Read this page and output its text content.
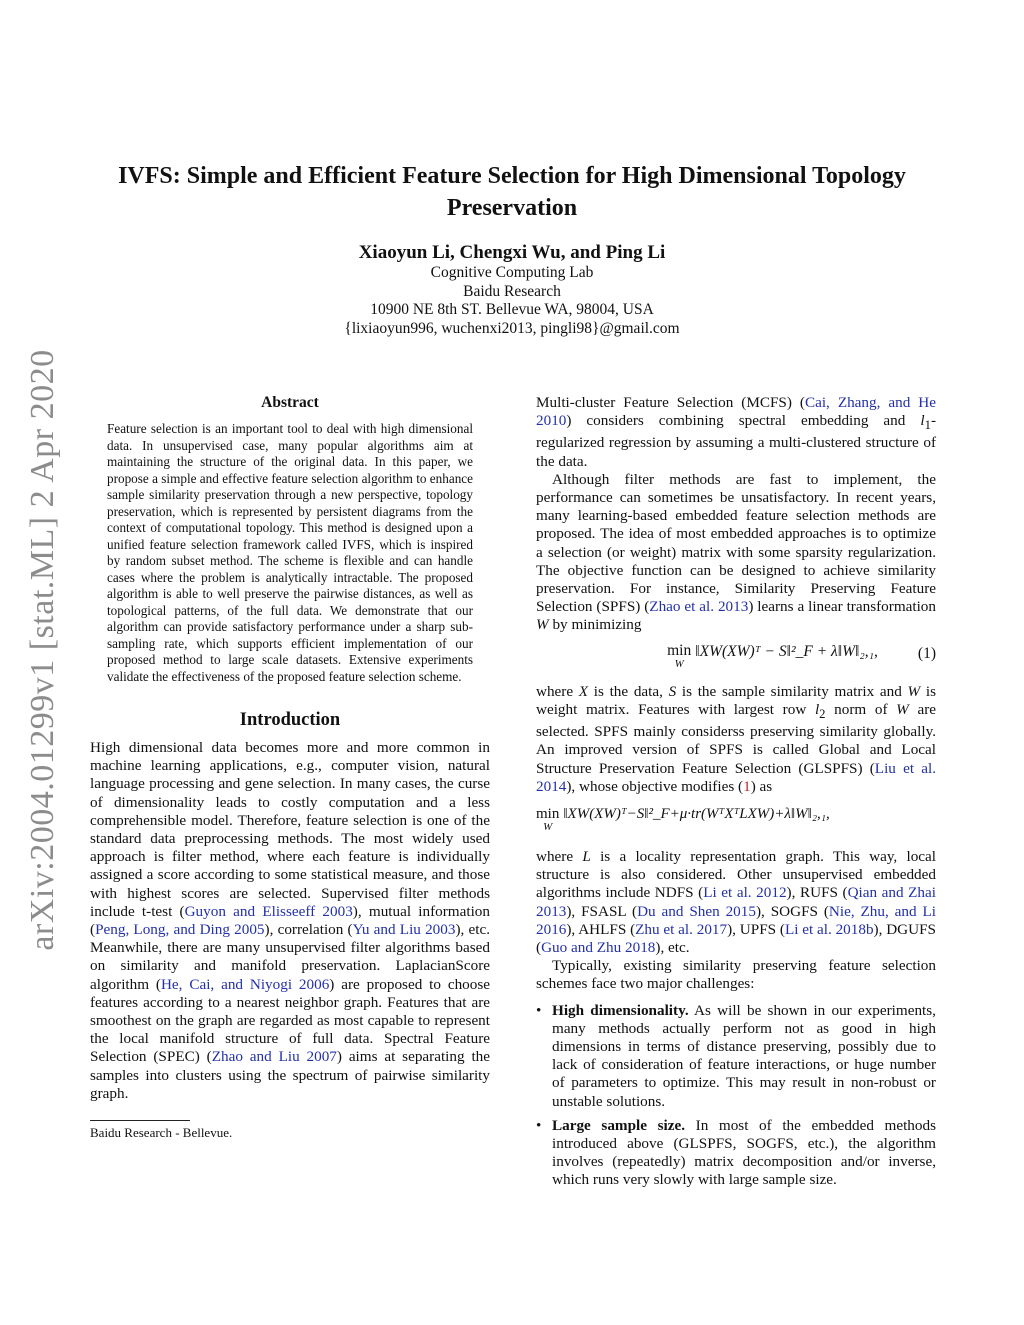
arXiv:2004.01299v1 [stat.ML] 2 Apr 2020
IVFS: Simple and Efficient Feature Selection for High Dimensional Topology
Preservation
Xiaoyun Li, Chengxi Wu, and Ping Li
Cognitive Computing Lab
Baidu Research
10900 NE 8th ST. Bellevue WA, 98004, USA
{lixiaoyun996, wuchenxi2013, pingli98}@gmail.com
Abstract
Feature selection is an important tool to deal with high dimensional data. In unsupervised case, many popular algorithms aim at maintaining the structure of the original data. In this paper, we propose a simple and effective feature selection algorithm to enhance sample similarity preservation through a new perspective, topology preservation, which is represented by persistent diagrams from the context of computational topology. This method is designed upon a unified feature selection framework called IVFS, which is inspired by random subset method. The scheme is flexible and can handle cases where the problem is analytically intractable. The proposed algorithm is able to well preserve the pairwise distances, as well as topological patterns, of the full data. We demonstrate that our algorithm can provide satisfactory performance under a sharp sub-sampling rate, which supports efficient implementation of our proposed method to large scale datasets. Extensive experiments validate the effectiveness of the proposed feature selection scheme.
Introduction

High dimensional data becomes more and more common in machine learning applications, e.g., computer vision, natural language processing and gene selection. In many cases, the curse of dimensionality leads to costly computation and a less comprehensible model. Therefore, feature selection is one of the standard data preprocessing methods. The most widely used approach is filter method, where each feature is individually assigned a score according to some statistical measure, and those with highest scores are selected. Supervised filter methods include t-test (Guyon and Elisseeff 2003), mutual information (Peng, Long, and Ding 2005), correlation (Yu and Liu 2003), etc. Meanwhile, there are many unsupervised filter algorithms based on similarity and manifold preservation. LaplacianScore algorithm (He, Cai, and Niyogi 2006) are proposed to choose features according to a nearest neighbor graph. Features that are smoothest on the graph are regarded as most capable to represent the local manifold structure of full data. Spectral Feature Selection (SPEC) (Zhao and Liu 2007) aims at separating the samples into clusters using the spectrum of pairwise similarity graph.

Baidu Research - Bellevue.

Multi-cluster Feature Selection (MCFS) (Cai, Zhang, and He 2010) considers combining spectral embedding and $l_1$-regularized regression by assuming a multi-clustered structure of the data.

Although filter methods are fast to implement, the performance can sometimes be unsatisfactory. In recent years, many learning-based embedded feature selection methods are proposed. The idea of most embedded approaches is to optimize a selection (or weight) matrix with some sparsity regularization. The objective function can be designed to achieve similarity preservation. For instance, Similarity Preserving Feature Selection (SPFS) (Zhao et al. 2013) learns a linear transformation W by minimizing

min
W
‖XW(XW)ᵀ − S‖²_F + λ‖W‖₂,₁,	(1)

where X is the data, S is the sample similarity matrix and W is weight matrix. Features with largest row $l_2$ norm of W are selected. SPFS mainly considerss preserving similarity globally. An improved version of SPFS is called Global and Local Structure Preservation Feature Selection (GLSPFS) (Liu et al. 2014), whose objective modifies (1) as

min
W
‖XW(XW)ᵀ−S‖²_F+μ·tr(WᵀXᵀLXW)+λ‖W‖₂,₁,

where L is a locality representation graph. This way, local structure is also considered. Other unsupervised embedded algorithms include NDFS (Li et al. 2012), RUFS (Qian and Zhai 2013), FSASL (Du and Shen 2015), SOGFS (Nie, Zhu, and Li 2016), AHLFS (Zhu et al. 2017), UPFS (Li et al. 2018b), DGUFS (Guo and Zhu 2018), etc.

Typically, existing similarity preserving feature selection schemes face two major challenges:

• High dimensionality. As will be shown in our experiments, many methods actually perform not as good in high dimensions in terms of distance preserving, possibly due to lack of consideration of feature interactions, or huge number of parameters to optimize. This may result in non-robust or unstable solutions.
• Large sample size. In most of the embedded methods introduced above (GLSPFS, SOGFS, etc.), the algorithm involves (repeatedly) matrix decomposition and/or inverse, which runs very slowly with large sample size.
